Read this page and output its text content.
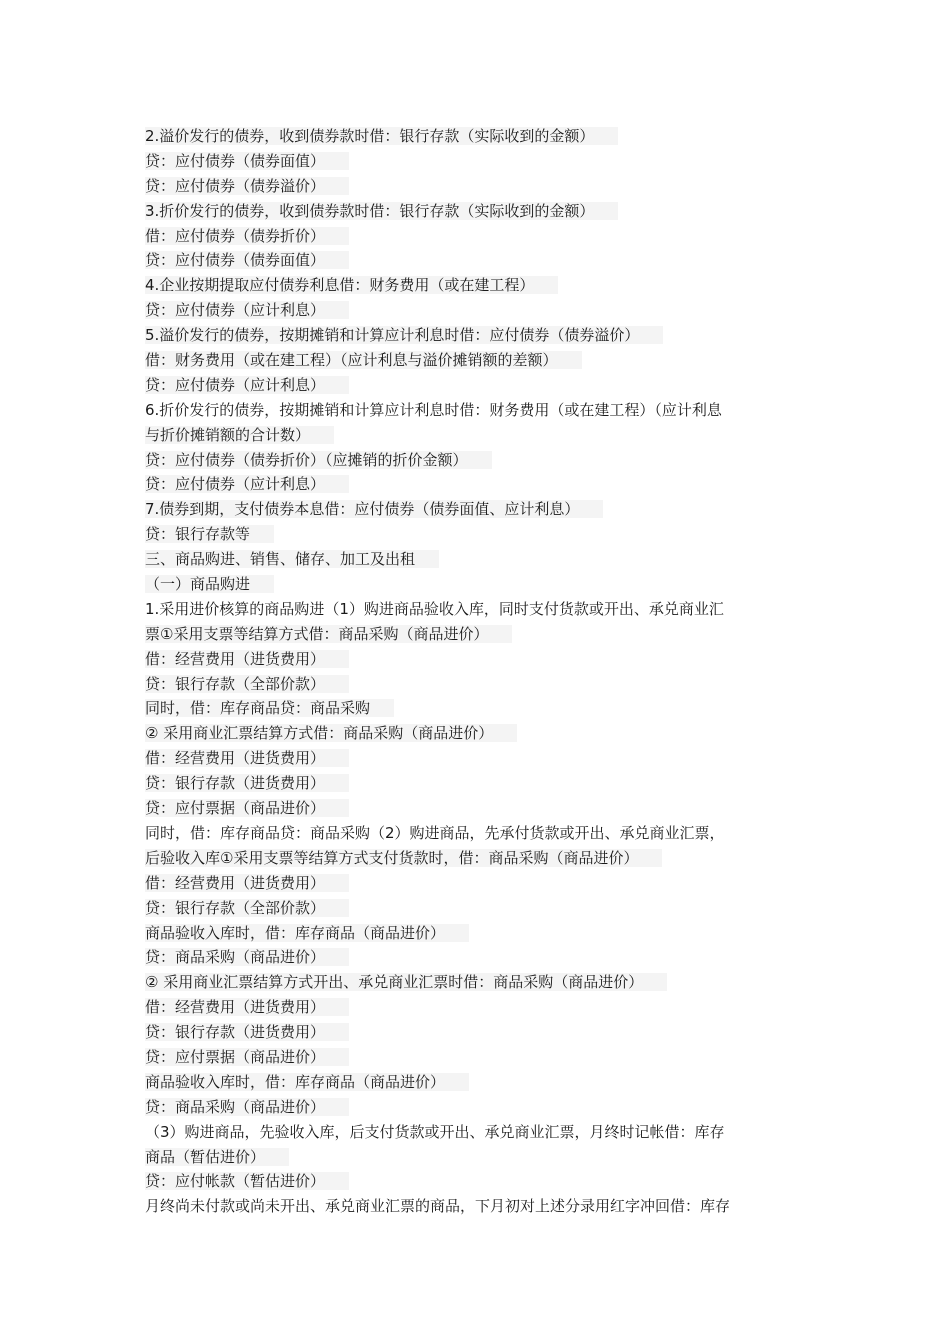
2.溢价发行的债券，收到债券款时借：银行存款（实际收到的金额）
贷：应付债券（债券面值）
贷：应付债券（债券溢价）
3.折价发行的债券，收到债券款时借：银行存款（实际收到的金额）
借：应付债券（债券折价）
贷：应付债券（债券面值）
4.企业按期提取应付债券利息借：财务费用（或在建工程）
贷：应付债券（应计利息）
5.溢价发行的债券，按期摊销和计算应计利息时借：应付债券（债券溢价）
借：财务费用（或在建工程）（应计利息与溢价摊销额的差额）
贷：应付债券（应计利息）
6.折价发行的债券，按期摊销和计算应计利息时借：财务费用（或在建工程）（应计利息
与折价摊销额的合计数）
贷：应付债券（债券折价）（应摊销的折价金额）
贷：应付债券（应计利息）
7.债券到期，支付债券本息借：应付债券（债券面值、应计利息）
贷：银行存款等
三、商品购进、销售、储存、加工及出租
（一）商品购进
1.采用进价核算的商品购进（1）购进商品验收入库，同时支付货款或开出、承兑商业汇
票①采用支票等结算方式借：商品采购（商品进价）
借：经营费用（进货费用）
贷：银行存款（全部价款）
同时，借：库存商品贷：商品采购
② 采用商业汇票结算方式借：商品采购（商品进价）
借：经营费用（进货费用）
贷：银行存款（进货费用）
贷：应付票据（商品进价）
同时，借：库存商品贷：商品采购（2）购进商品，先承付货款或开出、承兑商业汇票，
后验收入库①采用支票等结算方式支付货款时，借：商品采购（商品进价）
借：经营费用（进货费用）
贷：银行存款（全部价款）
商品验收入库时，借：库存商品（商品进价）
贷：商品采购（商品进价）
② 采用商业汇票结算方式开出、承兑商业汇票时借：商品采购（商品进价）
借：经营费用（进货费用）
贷：银行存款（进货费用）
贷：应付票据（商品进价）
商品验收入库时，借：库存商品（商品进价）
贷：商品采购（商品进价）
（3）购进商品，先验收入库，后支付货款或开出、承兑商业汇票，月终时记帐借：库存
商品（暂估进价）
贷：应付帐款（暂估进价）
月终尚未付款或尚未开出、承兑商业汇票的商品，下月初对上述分录用红字冲回借：库存
